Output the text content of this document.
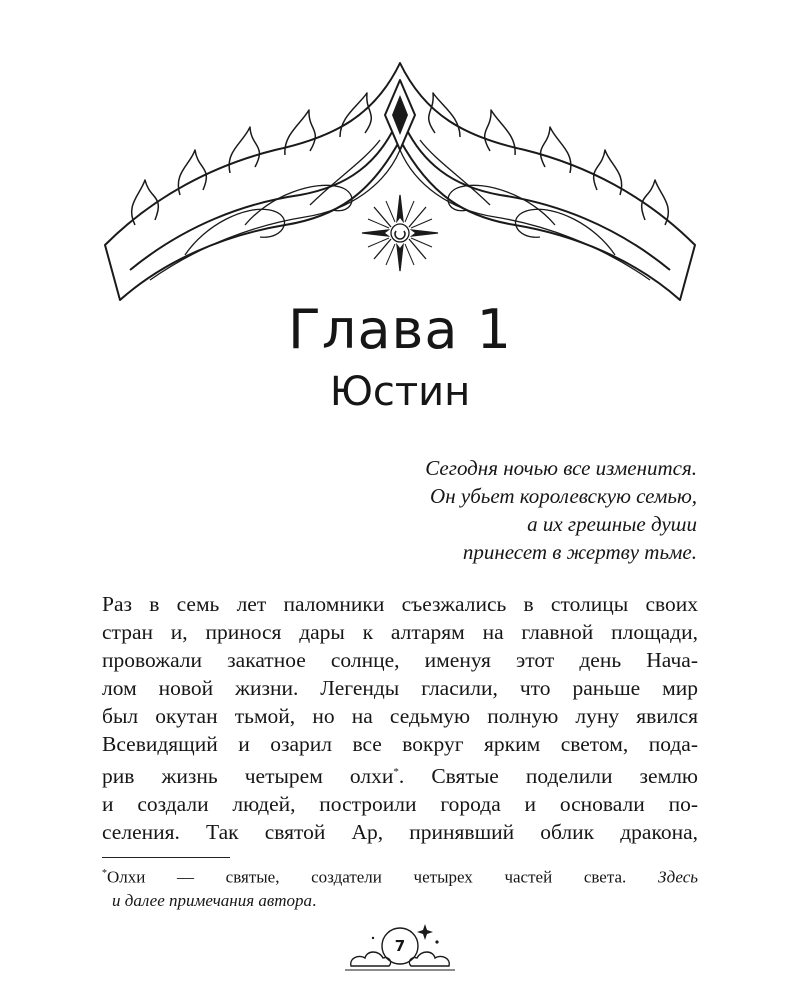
Глава 1
Юстин
Сегодня ночью все изменится.
Он убьет королевскую семью,
а их грешные души
принесет в жертву тьме.
Раз в семь лет паломники съезжались в столицы своих
стран и, принося дары к алтарям на главной площади,
провожали закатное солнце, именуя этот день Нача-
лом новой жизни. Легенды гласили, что раньше мир
был окутан тьмой, но на седьмую полную луну явился
Всевидящий и озарил все вокруг ярким светом, пода-
рив жизнь четырем олхи*. Святые поделили землю
и создали людей, построили города и основали по-
селения. Так святой Ар, принявший облик дракона,
*Олхи — святые, создатели четырех частей света. Здесь
и далее примечания автора.
7
